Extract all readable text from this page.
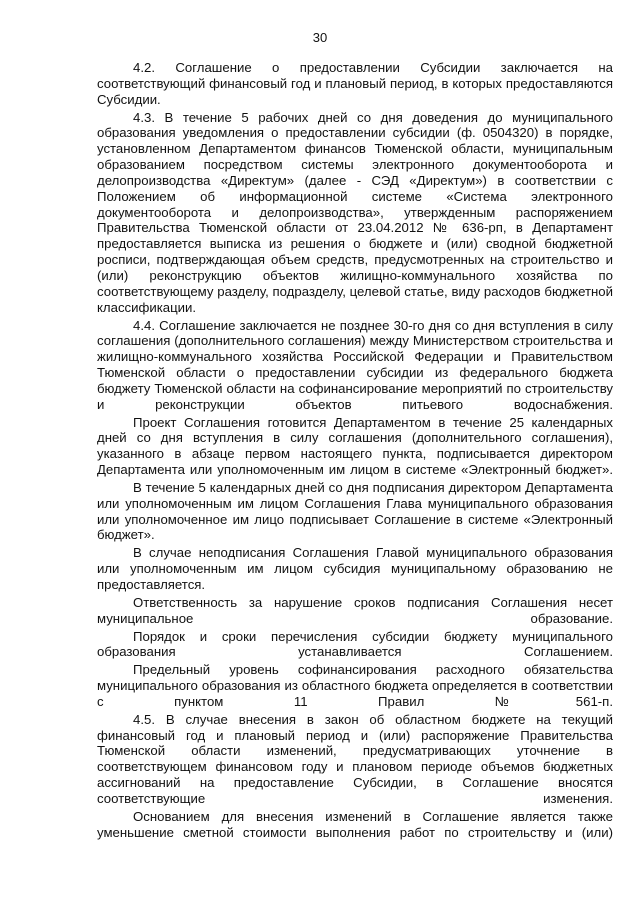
30

4.2. Соглашение о предоставлении Субсидии заключается на соответствующий финансовый год и плановый период, в которых предоставляются Субсидии.

4.3. В течение 5 рабочих дней со дня доведения до муниципального образования уведомления о предоставлении субсидии (ф. 0504320) в порядке, установленном Департаментом финансов Тюменской области, муниципальным образованием посредством системы электронного документооборота и делопроизводства «Директум» (далее - СЭД «Директум») в соответствии с Положением об информационной системе «Система электронного документооборота и делопроизводства», утвержденным распоряжением Правительства Тюменской области от 23.04.2012 № 636-рп, в Департамент предоставляется выписка из решения о бюджете и (или) сводной бюджетной росписи, подтверждающая объем средств, предусмотренных на строительство и (или) реконструкцию объектов жилищно-коммунального хозяйства по соответствующему разделу, подразделу, целевой статье, виду расходов бюджетной классификации.

4.4. Соглашение заключается не позднее 30-го дня со дня вступления в силу соглашения (дополнительного соглашения) между Министерством строительства и жилищно-коммунального хозяйства Российской Федерации и Правительством Тюменской области о предоставлении субсидии из федерального бюджета бюджету Тюменской области на софинансирование мероприятий по строительству и реконструкции объектов питьевого	водоснабжения.

Проект Соглашения готовится Департаментом в течение 25 календарных дней со дня вступления в силу соглашения (дополнительного соглашения), указанного в абзаце первом настоящего пункта, подписывается директором Департамента или уполномоченным им лицом в системе «Электронный бюджет».

В течение 5 календарных дней со дня подписания директором Департамента или уполномоченным им лицом Соглашения Глава муниципального образования или уполномоченное им лицо подписывает Соглашение в системе «Электронный бюджет».

В случае неподписания Соглашения Главой муниципального образования или уполномоченным им лицом субсидия муниципальному образованию не предоставляется.

Ответственность за нарушение сроков подписания Соглашения несет муниципальное образование.

Порядок и сроки перечисления субсидии бюджету муниципального образования устанавливается Соглашением.

Предельный уровень софинансирования расходного обязательства муниципального образования из областного бюджета определяется в соответствии с пунктом 11 Правил №561-п.

4.5. В случае внесения в закон об областном бюджете на текущий финансовый год и плановый период и (или) распоряжение Правительства Тюменской области изменений, предусматривающих уточнение в соответствующем финансовом году и плановом периоде объемов бюджетных ассигнований на предоставление Субсидии, в Соглашение вносятся соответствующие изменения.

Основанием для внесения изменений в Соглашение является также уменьшение сметной стоимости выполнения работ по строительству и (или)
